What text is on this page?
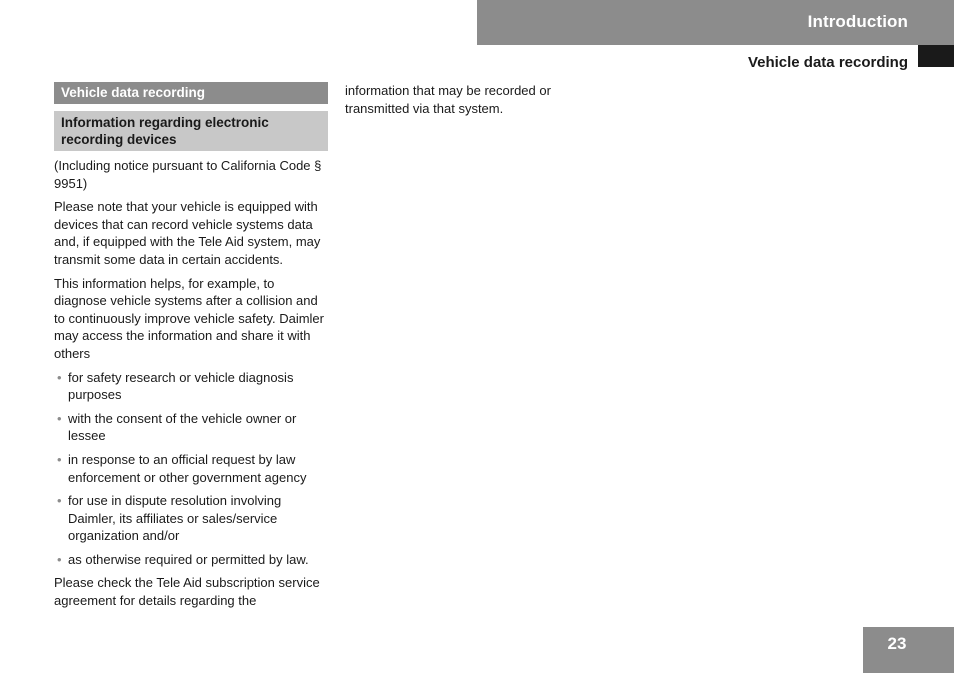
Introduction
Vehicle data recording
Vehicle data recording
Information regarding electronic recording devices

(Including notice pursuant to California Code § 9951)

Please note that your vehicle is equipped with devices that can record vehicle systems data and, if equipped with the Tele Aid system, may transmit some data in certain accidents.

This information helps, for example, to diagnose vehicle systems after a collision and to continuously improve vehicle safety. Daimler may access the information and share it with others

• for safety research or vehicle diagnosis purposes
• with the consent of the vehicle owner or lessee
• in response to an official request by law enforcement or other government agency
• for use in dispute resolution involving Daimler, its affiliates or sales/service organization and/or
• as otherwise required or permitted by law.

Please check the Tele Aid subscription service agreement for details regarding the

information that may be recorded or transmitted via that system.

23
